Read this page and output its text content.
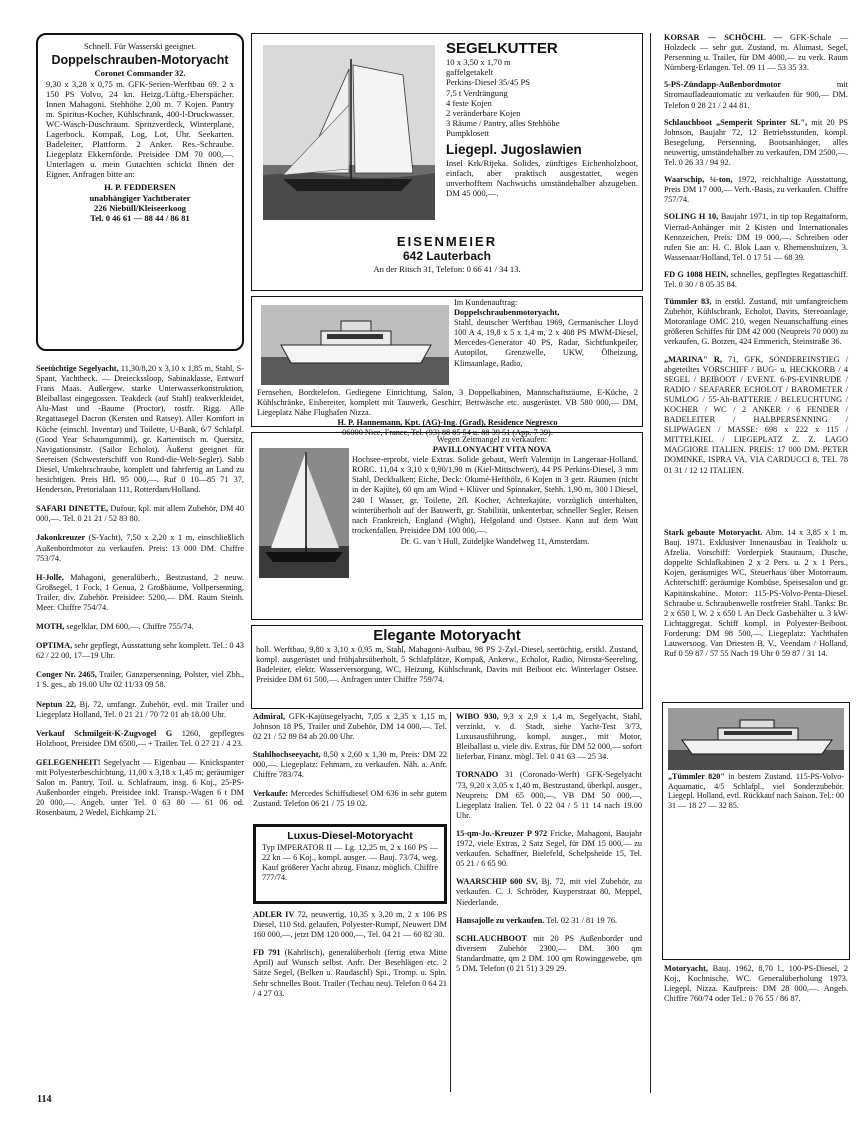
Schnell. Für Wasserski geeignet.

Doppelschrauben-Motoryacht

Coronet Commander 32.

9,30 x 3,28 x 0,75 m. GFK-Serien-Werftbau 69. 2 x 150 PS Volvo, 24 kn. Heizg./Lüftg.-Eberspächer. Innen Mahagoni. Stehhöhe 2,00 m. 7 Kojen. Pantry m. Spiritus-Kocher, Kühlschrank, 400-l-Druckwasser. WC-Wasch-Duschraum. Spritzverdeck, Winterplane, Lagerbock. Kompaß, Log, Lot, Uhr. Seekarten. Badeleiter, Plattform. 2 Anker. Res.-Schraube. Liegeplatz Ekkernförde. Preisidee DM 70 000,—. Unterlagen u. mein Gutachten schickt Ihnen der Eigner. Anfragen bitte an:

H. P. FEDDERSEN

unabhängiger Yachtberater

226 Niebüll/Kleiseerkoog

Tel. 0 46 61 — 88 44 / 86 81

Seetüchtige Segelyacht, 11,30/8,20 x 3,10 x 1,85 m, Stahl, S-Spant, Yachtheck. — Dreieckssloop, Sabinaklasse, Entwurf Frans Maas. Außergew. starke Unterwasserkonstruktion, Bleiballast eingegossen. Teakdeck (auf Stahl) teakverkleidet, Alu-Mast und -Baume (Proctor), rostfr. Rigg. Alle Regattasegel Dacron (Kersten und Ratsey). Aller Komfort in Küche (einschl. Inventar) und Toilette, U-Bank, 6/7 Schlafpl. (Good Year Schaumgummi), gr. Kartentisch m. Quersitz, Navigationsinstr. (Sailor Echolot). Äußerst geeignet für Seereisen (Schwesterschiff von Rund-die-Welt-Segler). Sabb Diesel, Umkehrschraube, komplett und fahrfertig an Land zu besichtigen. Preis Hfl. 95 000,—. Ruf 0 10—85 71 37, Henderson, Pretorialaan 111, Rotterdam/Holland.

SAFARI DINETTE, Dufour, kpl. mit allem Zubehör, DM 40 000,—. Tel. 0 21 21 / 52 83 80.

Jakonkreuzer (S-Yacht), 7,50 x 2,20 x 1 m, einschließlich Außenbordmotor zu verkaufen. Preis: 13 000 DM. Chiffre 753/74.

H-Jolle, Mahagoni, generalüberh., Bestzustand, 2 neuw. Großsegel, 1 Fock, 1 Genua, 2 Großbäume, Vollpersenning, Trailer, div. Zubehör. Preisidee: 5200,— DM. Raum Steinh. Meer. Chiffre 754/74.

MOTH, segelklar, DM 600,—. Chiffre 755/74.

OPTIMA, sehr gepflegt, Ausstattung sehr komplett. Tel.: 0 43 62 / 22 00, 17—19 Uhr.

Conger Nr. 2465, Trailer, Ganzpersenning, Polster, viel Zbh., 1 S. ges., ab 19.00 Uhr 02 11/33 09 58.

Neptun 22, Bj. 72, umfangr. Zubehör, evtl. mit Trailer und Liegeplatz Holland, Tel. 0 21 21 / 70 72 01 ab 18.00 Uhr.

Verkauf Schmilgeit-K-Zugvogel G 1260, gepflegtes Holzboot, Preisidee DM 6500,— + Trailer. Tel. 0 27 21 / 4 23.

GELEGENHEIT! Segelyacht — Eigenbau — Knickspanter mit Polyesterbeschichtung, 11,00 x 3,18 x 1,45 m; geräumiger Salon m. Pantry, Toil. u. Schlafraum, insg. 6 Koj., 25-PS-Außenborder eingeb. Preisidee inkl. Transp.-Wagen 6 t DM 20 000,—. Angeb. unter Tel. 0 63 80 — 61 06 od. Rosenbaum, 2 Wedel, Eichkamp 21.

SEGELKUTTER

10 x 3,50 x 1,70 m

gaffelgetakelt

Perkins-Diesel 35/45 PS

7,5 t Verdrängung

4 feste Kojen

2 veränderbare Kojen

3 Räume / Pantry, alles Stehhöhe

Pumpklosett

Liegepl. Jugoslawien

Insel Krk/Rijeka. Solides, zünftiges Eichenholzboot, einfach, aber praktisch ausgestattet, wegen unverhofftem Nachwuchs umständehalber abzugeben. DM 45 000,—.

EISENMEIER

642 Lauterbach

An der Ritsch 31, Telefon: 0 66 41 / 34 13.

Im Kundenauftrag:

Doppelschraubenmotoryacht,

Stahl, deutscher Werftbau 1969, Germanischer Lloyd 100 A 4, 19,8 x 5 x 1,4 m, 2 x 408 PS MWM-Diesel, Mercedes-Generator 40 PS, Radar, Sichtfunkpeiler, Autopilot, Grenzwelle, UKW, Ölheizung, Klimaanlage, Radio,

Fernsehen, Bordtelefon. Gediegene Einrichtung, Salon, 3 Doppelkabinen, Mannschaftsräume, E-Küche, 2 Kühlschränke, Eisbereiter, komplett mit Tauwerk, Geschirr, Bettwäsche etc. ausgerüstet. VB 580 000,— DM, Liegeplatz Nähe Flughafen Nizza.

H. P. Hannemann, Kpt. (AG)-Ing. (Grad), Residence Negresco

06000 Nice, France, Tel. (93) 88 85 54 u. 88 39 51 (App. 7 39).

Wegen Zeitmangel zu verkaufen:

PAVILLONYACHT VITA NOVA

Hochsee-erprobt, viele Extras. Solide gebaut, Werft Valentijn in Langeraar-Holland. RORC. 11,04 x 3,10 x 0,90/1,90 m (Kiel-Mittschwert), 44 PS Perkins-Diesel, 3 mm Stahl, Deckbalken: Eiche, Deck: Okumé-Hefthölz, 6 Kojen in 3 getr. Räumen (nicht in der Kajüte), 60 qm am Wind + Klüver und Spinnaker, Stehh. 1,90 m, 300 l Diesel, 240 l Wasser, gr. Toilette, 2fl. Kocher, Achterkajüte, vorzüglich unterhalten, winterüberholt auf der Bauwerft, gr. Stabilität, unkenterbar, schneller Segler, Reisen nach Frankreich, England (Wight), Helgoland und Ostsee. Kann auf dem Watt trockenfallen. Preisidee DM 100 000,—.

Dr. G. van 't Hull, Zuideljke Wandelweg 11, Amsterdam.

Elegante Motoryacht

holl. Werftbau, 9,80 x 3,10 x 0,95 m, Stahl, Mahagoni-Aufbau, 98 PS 2-Zyl.-Diesel, seetüchtig, erstkl. Zustand, kompl. ausgerüstet und frühjahrsüberholt, 5 Schlafplätze, Kompaß, Ankerw., Echolot, Radio, Nirosta-Seereling, Badeleiter, elektr. Wasserversorgung, WC, Heizung, Kühlschrank, Davits mit Beiboot etc. Winterlager Ostsee. Preisidee DM 61 500,—. Anfragen unter Chiffre 759/74.

Admiral, GFK-Kajütsegelyacht, 7,05 x 2,35 x 1,15 m, Johnson 18 PS, Trailer und Zubehör, DM 14 000,—. Tel. 02 21 / 52 89 84 ab 20.00 Uhr.

Stahlhochseeyacht, 8,50 x 2,60 x 1,30 m, Preis: DM 22 000,—. Liegeplatz: Fehmarn, zu verkaufen. Näh. a. Anfr. Chiffre 783/74.

Verkaufe: Mercedes Schiffsdiesel OM 636 in sehr gutem Zustand. Telefon 06 21 / 75 19 02.

Luxus-Diesel-Motoryacht

Typ IMPERATOR II — Lg. 12,25 m, 2 x 160 PS — 22 kn — 6 Koj., kompl. ausger. — Bauj. 73/74, weg. Kauf größerer Yacht abzug. Finanz. möglich. Chiffre 777/74.

ADLER IV 72, neuwertig, 10,35 x 3,20 m, 2 x 106 PS Diesel, 110 Std. gelaufen, Polyester-Rumpf, Neuwert DM 160 000,—, jetzt DM 120 000,—, Tel. 04 21 — 60 82 30.

FD 791 (Kahrlisch), generalüberholt (fertig etwa Mitte April) auf Wunsch selbst. Anfr. Der Besehlägen etc. 2 Sätze Segel, (Belken u. Raudaschl) Spi., Tromp. u. Spin. Sehr schnelles Boot. Trailer (Techau neu). Telefon 0 64 21 / 4 27 03.

WIBO 930, 9,3 x 2,9 x 1,4 m, Segelyacht, Stahl, verzinkt, v. d. Stadt, siehe Yacht-Test 3/73, Luxusausführung, kompl. ausger., mit Motor, Bleiballast u. viele div. Extras, für DM 52 000,— sofort lieferbar, Finanz. mögl. Tel. 0 41 63 — 25 34.

TORNADO 31 (Coronado-Werft) GFK-Segelyacht '73, 9,20 x 3,05 x 1,40 m, Bestzustand, überkpl. ausger., Neupreis: DM 65 000,—, VB DM 50 000,—, Liegeplatz Italien. Tel. 0 22 04 / 5 11 14 nach 19.00 Uhr.

15-qm-Jo.-Kreuzer P 972 Fricke, Mahagoni, Baujahr 1972, viele Extras, 2 Satz Segel, für DM 15 000,— zu verkaufen. Schaffner, Bielefeld, Schelpsheide 15, Tel. 05 21 / 6 65 90.

WAARSCHIP 600 SV, Bj. 72, mit viel Zubehör, zu verkaufen. C. J. Schröder, Kuyperstraat 80, Meppel, Niederlande.

Hansajolle zu verkaufen. Tel. 02 31 / 81 19 76.

SCHLAUCHBOOT mit 20 PS Außenborder und diversem Zubehör 2300,— DM. 300 qm Standardmatte, qm 2 DM. 100 qm Rowinggewebe, qm 5 DM. Telefon (0 21 51) 3 29 29.

KORSAR — SCHÖCHL — GFK-Schale — Holzdeck — sehr gut. Zustand, m. Alumast, Segel, Persenning u. Trailer, für DM 4000,— zu verk. Raum Nürnberg-Erlangen. Tel. 09 11 — 53 35 33.

5-PS-Zündapp-Außenbordmotor mit Stromaufladeautomatic zu verkaufen für 900,— DM. Telefon 0 28 21 / 2 44 81.

Schlauchboot „Semperit Sprinter SL", mit 20 PS Johnson, Baujahr 72, 12 Betriebsstunden, kompl. Besegelung, Persenning, Bootsanhänger, alles neuwertig, umständehalber zu verkaufen, DM 2500,—. Tel. 0 26 33 / 94 92.

Waarschip, ¼-ton, 1972, reichhaltige Ausstattung, Preis DM 17 000,— Verh.-Basis, zu verkaufen. Chiffre 757/74.

SOLING H 10, Baujahr 1971, in tip top Regattaform, Vierrad-Anhänger mit 2 Kisten und Internationales Kennzeichen, Preis: DM 19 000,—. Schreiben oder rufen Sie an: H. C. Blok Laan v. Rhemenshuizen, 3. Wassenaar/Holland, Tel. 0 17 51 — 68 39.

FD G 1088 HEIN, schnelles, gepflegtes Regattaschiff. Tel. 0 30 / 8 05 35 84.

Tümmler 83, in erstkl. Zustand, mit umfangreichem Zubehör, Kühlschrank, Echolot, Davits, Stereoanlage, Motoranlage OMC 210, wegen Neuanschaffung eines größeren Schiffes für DM 42 000 (Neupreis 70 000) zu verkaufen, G. Botzen, 424 Emmerich, Steinstraße 36.

„MARINA" R, 71, GFK, SONDEREINSTIEG / abgeteiltes VORSCHIFF / BUG- u. HECKKORB / 4 SEGEL / BEIBOOT / EVENT. 6-PS-EVINRUDE / RADIO / SEAFARER ECHOLOT / BAROMETER / SUMLOG / 55-Ah-BATTERIE / BELEUCHTUNG / KOCHER / WC / 2 ANKER / 6 FENDER / BADELEITER / HALBPERSENNING / SLIPWAGEN / MASSE: 698 x 222 x 115 / MITTELKIEL / LIEGEPLATZ Z. Z. LAGO MAGGIORE ITALIEN. PREIS: 17 000 DM. PETER DOMINKE, ISPRA VA, VIA CARDUCCI 8, TEL 78 01 31 / 12 12 ITALIEN.

„Tümmler 820" in bestem Zustand. 115-PS-Volvo-Aquamatic, 4/5 Schlafpl., viel Sonderzubehör. Liegepl. Holland, evtl. Rückkauf nach Saison. Tel.: 00 31 — 18 27 — 32 85.

Motoryacht, Bauj. 1962, 8,70 l., 100-PS-Diesel, 2 Koj., Kochnische, WC. Generalüberholung 1973. Liegepl. Nizza. Kaufpreis: DM 28 000,—. Angeb. Chiffre 760/74 oder Tel.: 0 76 55 / 86 87.

Stark gebaute Motoryacht. Abm. 14 x 3,85 x 1 m. Bauj. 1971. Exklusiver Innenausbau in Teakholz u. Afzelia. Vorschiff: Vorderpiek Stauraum, Dusche, doppelte Schlafkabinen 2 x 2 Pers. u. 2 x 1 Pers., Kojen, geräumiges WC, Steuerhaus über Motorraum. Achterschiff: geräumige Kombüse, Speisesalon und gr. Kapitänskabine. Motor: 115-PS-Volvo-Penta-Diesel. Schraube u. Schraubenwelle rostfreier Stahl. Tanks: Br. 2 x 650 l, W. 2 x 650 l. An Deck Gasbehälter u. 3 kW-Lichtaggregat. Schiff kompl. in Polyester-Beiboot. Forderung: DM 98 500,—. Liegeplatz: Yachthafen Lauwersoog. Van Driesten B. V., Veendam / Holland, Ruf 0 59 87 / 57 55 Nach 19 Uhr 0 59 87 / 31 14.

114
